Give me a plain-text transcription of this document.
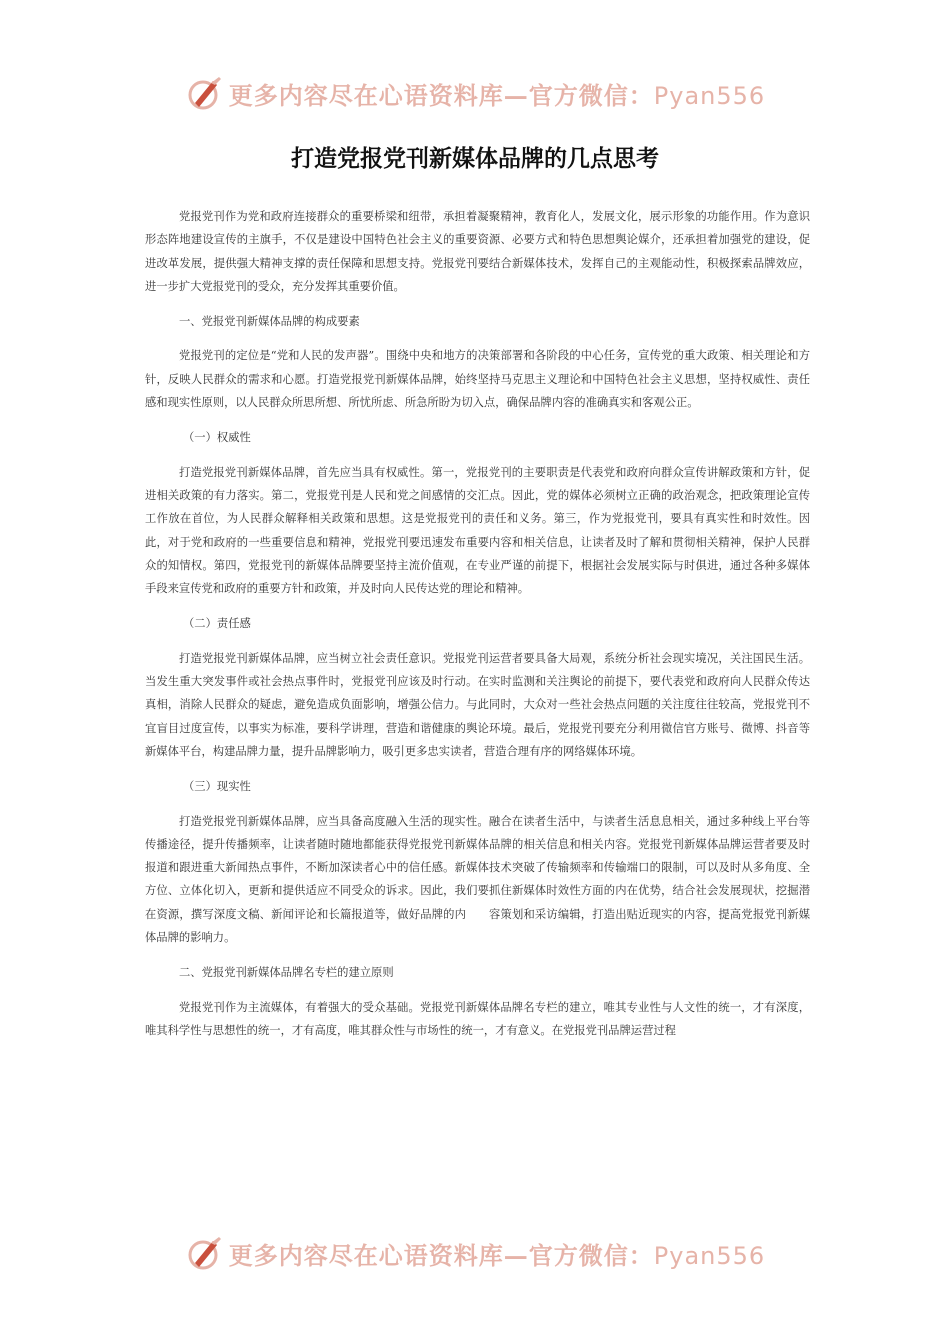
更多内容尽在心语资料库—官方微信：Pyan556
打造党报党刊新媒体品牌的几点思考

党报党刊作为党和政府连接群众的重要桥梁和纽带，承担着凝聚精神，教育化人，发展文化，展示形象的功能作用。作为意识形态阵地建设宣传的主旗手，不仅是建设中国特色社会主义的重要资源、必要方式和特色思想舆论媒介，还承担着加强党的建设，促进改革发展，提供强大精神支撑的责任保障和思想支持。党报党刊要结合新媒体技术，发挥自己的主观能动性，积极探索品牌效应，进一步扩大党报党刊的受众，充分发挥其重要价值。

一、党报党刊新媒体品牌的构成要素

党报党刊的定位是“党和人民的发声器”。围绕中央和地方的决策部署和各阶段的中心任务，宣传党的重大政策、相关理论和方针，反映人民群众的需求和心愿。打造党报党刊新媒体品牌，始终坚持马克思主义理论和中国特色社会主义思想，坚持权威性、责任感和现实性原则，以人民群众所思所想、所忧所虑、所急所盼为切入点，确保品牌内容的准确真实和客观公正。

（一）权威性

打造党报党刊新媒体品牌，首先应当具有权威性。第一，党报党刊的主要职责是代表党和政府向群众宣传讲解政策和方针，促进相关政策的有力落实。第二，党报党刊是人民和党之间感情的交汇点。因此，党的媒体必须树立正确的政治观念，把政策理论宣传工作放在首位，为人民群众解释相关政策和思想。这是党报党刊的责任和义务。第三，作为党报党刊，要具有真实性和时效性。因此，对于党和政府的一些重要信息和精神，党报党刊要迅速发布重要内容和相关信息，让读者及时了解和贯彻相关精神，保护人民群众的知情权。第四，党报党刊的新媒体品牌要坚持主流价值观，在专业严谨的前提下，根据社会发展实际与时俱进，通过各种多媒体手段来宣传党和政府的重要方针和政策，并及时向人民传达党的理论和精神。

（二）责任感

打造党报党刊新媒体品牌，应当树立社会责任意识。党报党刊运营者要具备大局观，系统分析社会现实境况，关注国民生活。当发生重大突发事件或社会热点事件时，党报党刊应该及时行动。在实时监测和关注舆论的前提下，要代表党和政府向人民群众传达真相，消除人民群众的疑虑，避免造成负面影响，增强公信力。与此同时，大众对一些社会热点问题的关注度往往较高，党报党刊不宜盲目过度宣传，以事实为标准，要科学讲理，营造和谐健康的舆论环境。最后，党报党刊要充分利用微信官方账号、微博、抖音等新媒体平台，构建品牌力量，提升品牌影响力，吸引更多忠实读者，营造合理有序的网络媒体环境。

（三）现实性

打造党报党刊新媒体品牌，应当具备高度融入生活的现实性。融合在读者生活中，与读者生活息息相关，通过多种线上平台等传播途径，提升传播频率，让读者随时随地都能获得党报党刊新媒体品牌的相关信息和相关内容。党报党刊新媒体品牌运营者要及时报道和跟进重大新闻热点事件，不断加深读者心中的信任感。新媒体技术突破了传输频率和传输端口的限制，可以及时从多角度、全方位、立体化切入，更新和提供适应不同受众的诉求。因此，我们要抓住新媒体时效性方面的内在优势，结合社会发展现状，挖掘潜在资源，撰写深度文稿、新闻评论和长篇报道等，做好品牌的内　　容策划和采访编辑，打造出贴近现实的内容，提高党报党刊新媒体品牌的影响力。

二、党报党刊新媒体品牌名专栏的建立原则

党报党刊作为主流媒体，有着强大的受众基础。党报党刊新媒体品牌名专栏的建立，唯其专业性与人文性的统一，才有深度，唯其科学性与思想性的统一，才有高度，唯其群众性与市场性的统一，才有意义。在党报党刊品牌运营过程

更多内容尽在心语资料库—官方微信：Pyan556
